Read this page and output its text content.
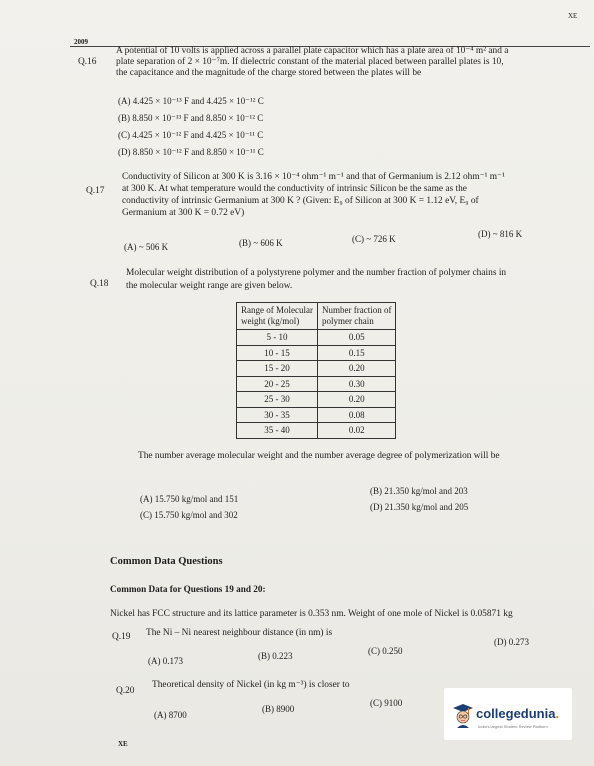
XE
2009
Q.16
A potential of 10 volts is applied across a parallel plate capacitor which has a plate area of 10⁻⁴ m² and a
plate separation of 2 × 10⁻⁷m. If dielectric constant of the material placed between parallel plates is 10,
the capacitance and the magnitude of the charge stored between the plates will be
(A) 4.425 × 10⁻¹³ F and 4.425 × 10⁻¹² C
(B) 8.850 × 10⁻¹³ F and 8.850 × 10⁻¹² C
(C) 4.425 × 10⁻¹² F and 4.425 × 10⁻¹¹ C
(D) 8.850 × 10⁻¹² F and 8.850 × 10⁻¹¹ C
Q.17
Conductivity of Silicon at 300 K is 3.16 × 10⁻⁴ ohm⁻¹ m⁻¹ and that of Germanium is 2.12 ohm⁻¹ m⁻¹
at 300 K. At what temperature would the conductivity of intrinsic Silicon be the same as the
conductivity of intrinsic Germanium at 300 K ? (Given: E₉ of Silicon at 300 K = 1.12 eV, E₉ of
Germanium at 300 K = 0.72 eV)
(A) ~ 506 K	(B) ~ 606 K	(C) ~ 726 K	(D) ~ 816 K
Q.18
Molecular weight distribution of a polystyrene polymer and the number fraction of polymer chains in
the molecular weight range are given below.
Range of Molecular
weight (kg/mol)	Number fraction of
polymer chain
5 - 10	0.05
10 - 15	0.15
15 - 20	0.20
20 - 25	0.30
25 - 30	0.20
30 - 35	0.08
35 - 40	0.02
The number average molecular weight and the number average degree of polymerization will be
(A) 15.750 kg/mol and 151
(B) 21.350 kg/mol and 203
(C) 15.750 kg/mol and 302
(D) 21.350 kg/mol and 205
Common Data Questions
Common Data for Questions 19 and 20:
Nickel has FCC structure and its lattice parameter is 0.353 nm. Weight of one mole of Nickel is 0.05871 kg
Q.19 The Ni – Ni nearest neighbour distance (in nm) is
(A) 0.173	(B) 0.223	(C) 0.250
(D) 0.273
Q.20
Theoretical density of Nickel (in kg m⁻³) is closer to
(A) 8700
(B) 8900
(C) 9100
XE
collegedunia.
India's largest Student Review Platform
